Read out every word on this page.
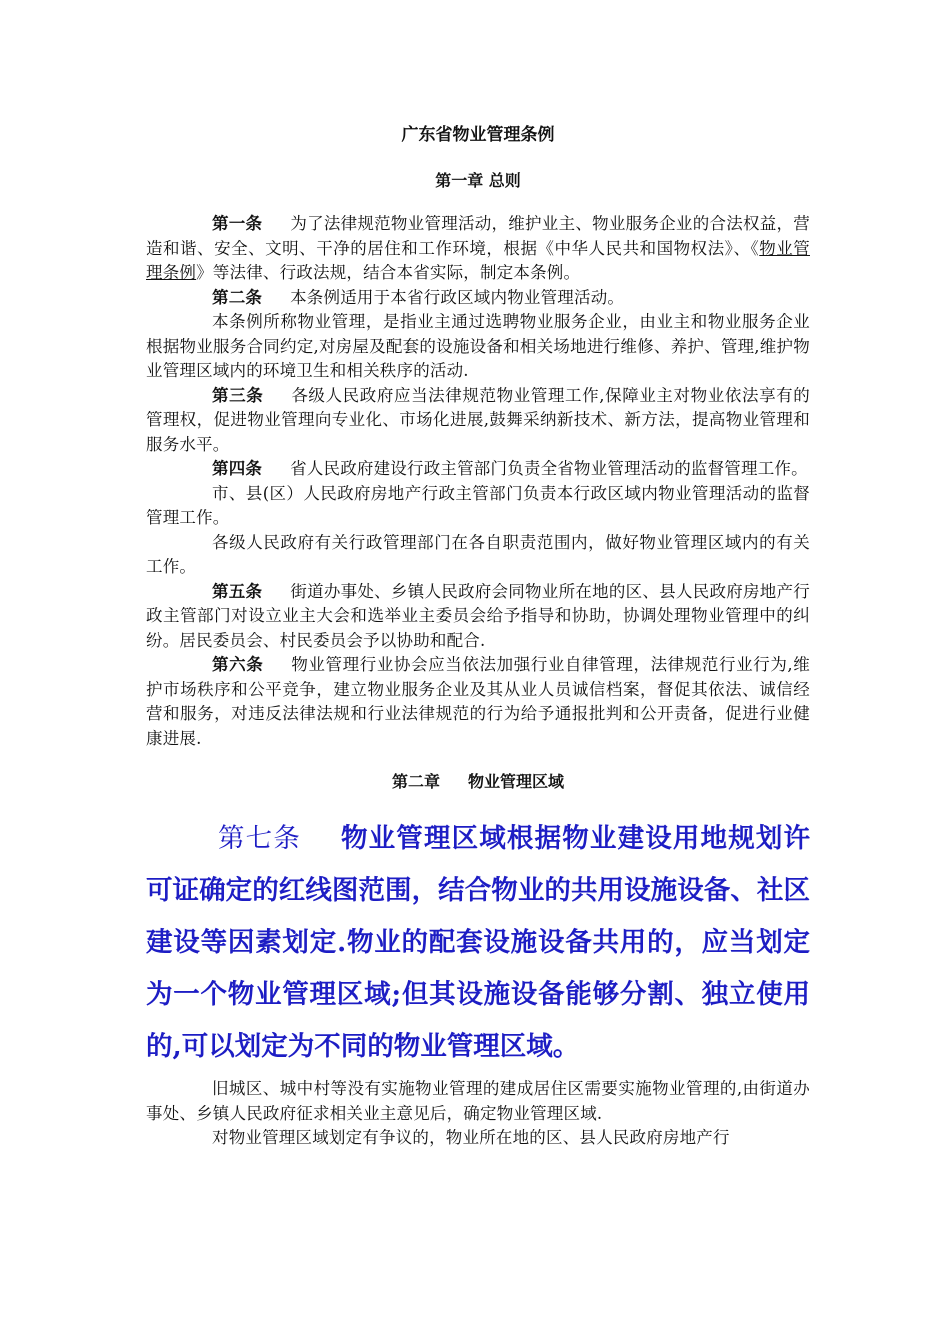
广东省物业管理条例

第一章 总则

第一条 为了法律规范物业管理活动，维护业主、物业服务企业的合法权益，营造和谐、安全、文明、干净的居住和工作环境，根据《中华人民共和国物权法》、《物业管理条例》等法律、行政法规，结合本省实际，制定本条例。

第二条 本条例适用于本省行政区域内物业管理活动。

本条例所称物业管理，是指业主通过选聘物业服务企业，由业主和物业服务企业根据物业服务合同约定,对房屋及配套的设施设备和相关场地进行维修、养护、管理,维护物业管理区域内的环境卫生和相关秩序的活动.

第三条 各级人民政府应当法律规范物业管理工作,保障业主对物业依法享有的管理权，促进物业管理向专业化、市场化进展,鼓舞采纳新技术、新方法，提高物业管理和服务水平。

第四条 省人民政府建设行政主管部门负责全省物业管理活动的监督管理工作。

市、县(区）人民政府房地产行政主管部门负责本行政区域内物业管理活动的监督管理工作。

各级人民政府有关行政管理部门在各自职责范围内，做好物业管理区域内的有关工作。

第五条 街道办事处、乡镇人民政府会同物业所在地的区、县人民政府房地产行政主管部门对设立业主大会和选举业主委员会给予指导和协助，协调处理物业管理中的纠纷。居民委员会、村民委员会予以协助和配合.

第六条 物业管理行业协会应当依法加强行业自律管理，法律规范行业行为,维护市场秩序和公平竞争，建立物业服务企业及其从业人员诚信档案，督促其依法、诚信经营和服务，对违反法律法规和行业法律规范的行为给予通报批判和公开责备，促进行业健康进展.

第二章 物业管理区域

第七条 物业管理区域根据物业建设用地规划许可证确定的红线图范围，结合物业的共用设施设备、社区建设等因素划定.物业的配套设施设备共用的，应当划定为一个物业管理区域;但其设施设备能够分割、独立使用的,可以划定为不同的物业管理区域。

旧城区、城中村等没有实施物业管理的建成居住区需要实施物业管理的,由街道办事处、乡镇人民政府征求相关业主意见后，确定物业管理区域.

对物业管理区域划定有争议的，物业所在地的区、县人民政府房地产行
